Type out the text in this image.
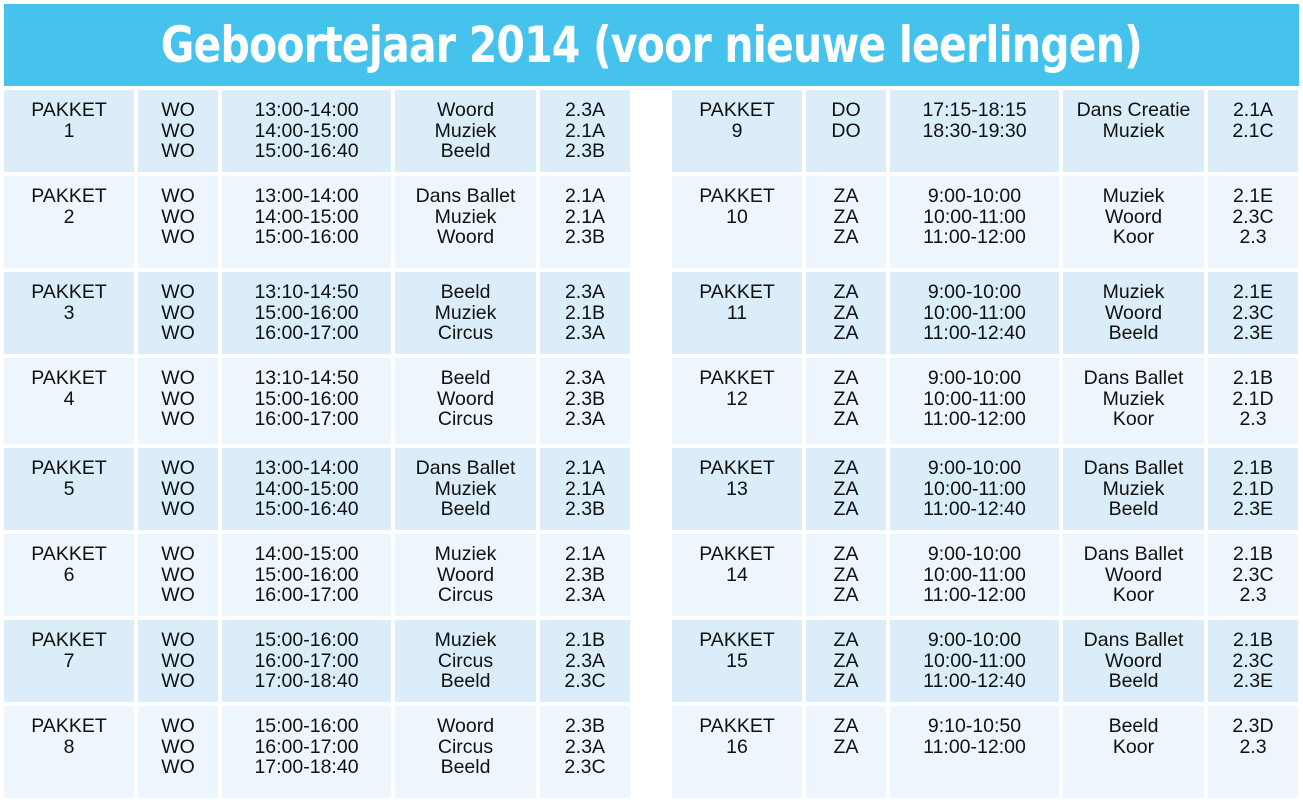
Geboortejaar 2014 (voor nieuwe leerlingen)
PAKKET
1
WO
WO
WO
13:00-14:00
14:00-15:00
15:00-16:40
Woord
Muziek
Beeld
2.3A
2.1A
2.3B
PAKKET
2
WO
WO
WO
13:00-14:00
14:00-15:00
15:00-16:00
Dans Ballet
Muziek
Woord
2.1A
2.1A
2.3B
PAKKET
3
WO
WO
WO
13:10-14:50
15:00-16:00
16:00-17:00
Beeld
Muziek
Circus
2.3A
2.1B
2.3A
PAKKET
4
WO
WO
WO
13:10-14:50
15:00-16:00
16:00-17:00
Beeld
Woord
Circus
2.3A
2.3B
2.3A
PAKKET
5
WO
WO
WO
13:00-14:00
14:00-15:00
15:00-16:40
Dans Ballet
Muziek
Beeld
2.1A
2.1A
2.3B
PAKKET
6
WO
WO
WO
14:00-15:00
15:00-16:00
16:00-17:00
Muziek
Woord
Circus
2.1A
2.3B
2.3A
PAKKET
7
WO
WO
WO
15:00-16:00
16:00-17:00
17:00-18:40
Muziek
Circus
Beeld
2.1B
2.3A
2.3C
PAKKET
8
WO
WO
WO
15:00-16:00
16:00-17:00
17:00-18:40
Woord
Circus
Beeld
2.3B
2.3A
2.3C
PAKKET
9
DO
DO
17:15-18:15
18:30-19:30
Dans Creatie
Muziek
2.1A
2.1C
PAKKET
10
ZA
ZA
ZA
9:00-10:00
10:00-11:00
11:00-12:00
Muziek
Woord
Koor
2.1E
2.3C
2.3
PAKKET
11
ZA
ZA
ZA
9:00-10:00
10:00-11:00
11:00-12:40
Muziek
Woord
Beeld
2.1E
2.3C
2.3E
PAKKET
12
ZA
ZA
ZA
9:00-10:00
10:00-11:00
11:00-12:00
Dans Ballet
Muziek
Koor
2.1B
2.1D
2.3
PAKKET
13
ZA
ZA
ZA
9:00-10:00
10:00-11:00
11:00-12:40
Dans Ballet
Muziek
Beeld
2.1B
2.1D
2.3E
PAKKET
14
ZA
ZA
ZA
9:00-10:00
10:00-11:00
11:00-12:00
Dans Ballet
Woord
Koor
2.1B
2.3C
2.3
PAKKET
15
ZA
ZA
ZA
9:00-10:00
10:00-11:00
11:00-12:40
Dans Ballet
Woord
Beeld
2.1B
2.3C
2.3E
PAKKET
16
ZA
ZA
9:10-10:50
11:00-12:00
Beeld
Koor
2.3D
2.3
